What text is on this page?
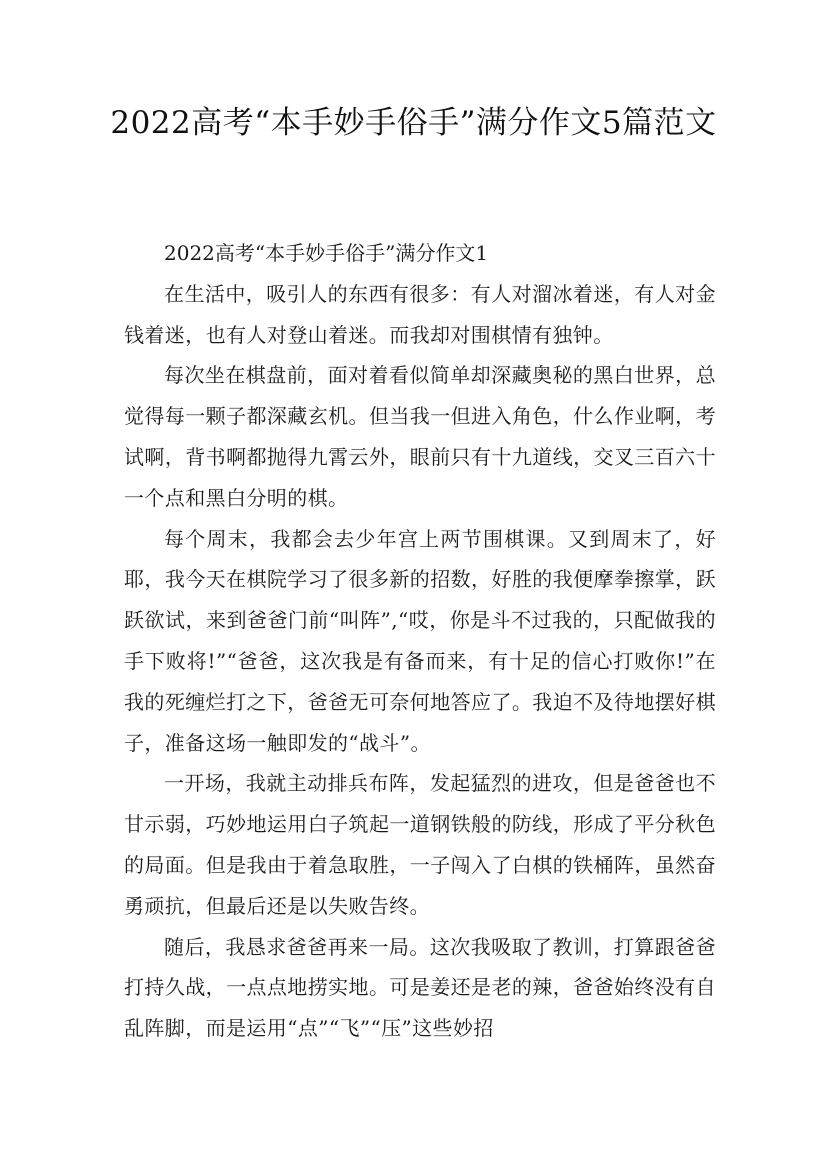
2022高考“本手妙手俗手”满分作文5篇范文

2022高考“本手妙手俗手”满分作文1

在生活中，吸引人的东西有很多：有人对溜冰着迷，有人对金钱着迷，也有人对登山着迷。而我却对围棋情有独钟。

每次坐在棋盘前，面对着看似简单却深藏奥秘的黑白世界，总觉得每一颗子都深藏玄机。但当我一但进入角色，什么作业啊，考试啊，背书啊都抛得九霄云外，眼前只有十九道线，交叉三百六十一个点和黑白分明的棋。

每个周末，我都会去少年宫上两节围棋课。又到周末了，好耶，我今天在棋院学习了很多新的招数，好胜的我便摩拳擦掌，跃跃欲试，来到爸爸门前“叫阵”,“哎，你是斗不过我的，只配做我的手下败将!”“爸爸，这次我是有备而来，有十足的信心打败你!”在我的死缠烂打之下，爸爸无可奈何地答应了。我迫不及待地摆好棋子，准备这场一触即发的“战斗”。

一开场，我就主动排兵布阵，发起猛烈的进攻，但是爸爸也不甘示弱，巧妙地运用白子筑起一道钢铁般的防线，形成了平分秋色的局面。但是我由于着急取胜，一子闯入了白棋的铁桶阵，虽然奋勇顽抗，但最后还是以失败告终。

随后，我恳求爸爸再来一局。这次我吸取了教训，打算跟爸爸打持久战，一点点地捞实地。可是姜还是老的辣，爸爸始终没有自乱阵脚，而是运用“点”“飞”“压”这些妙招
